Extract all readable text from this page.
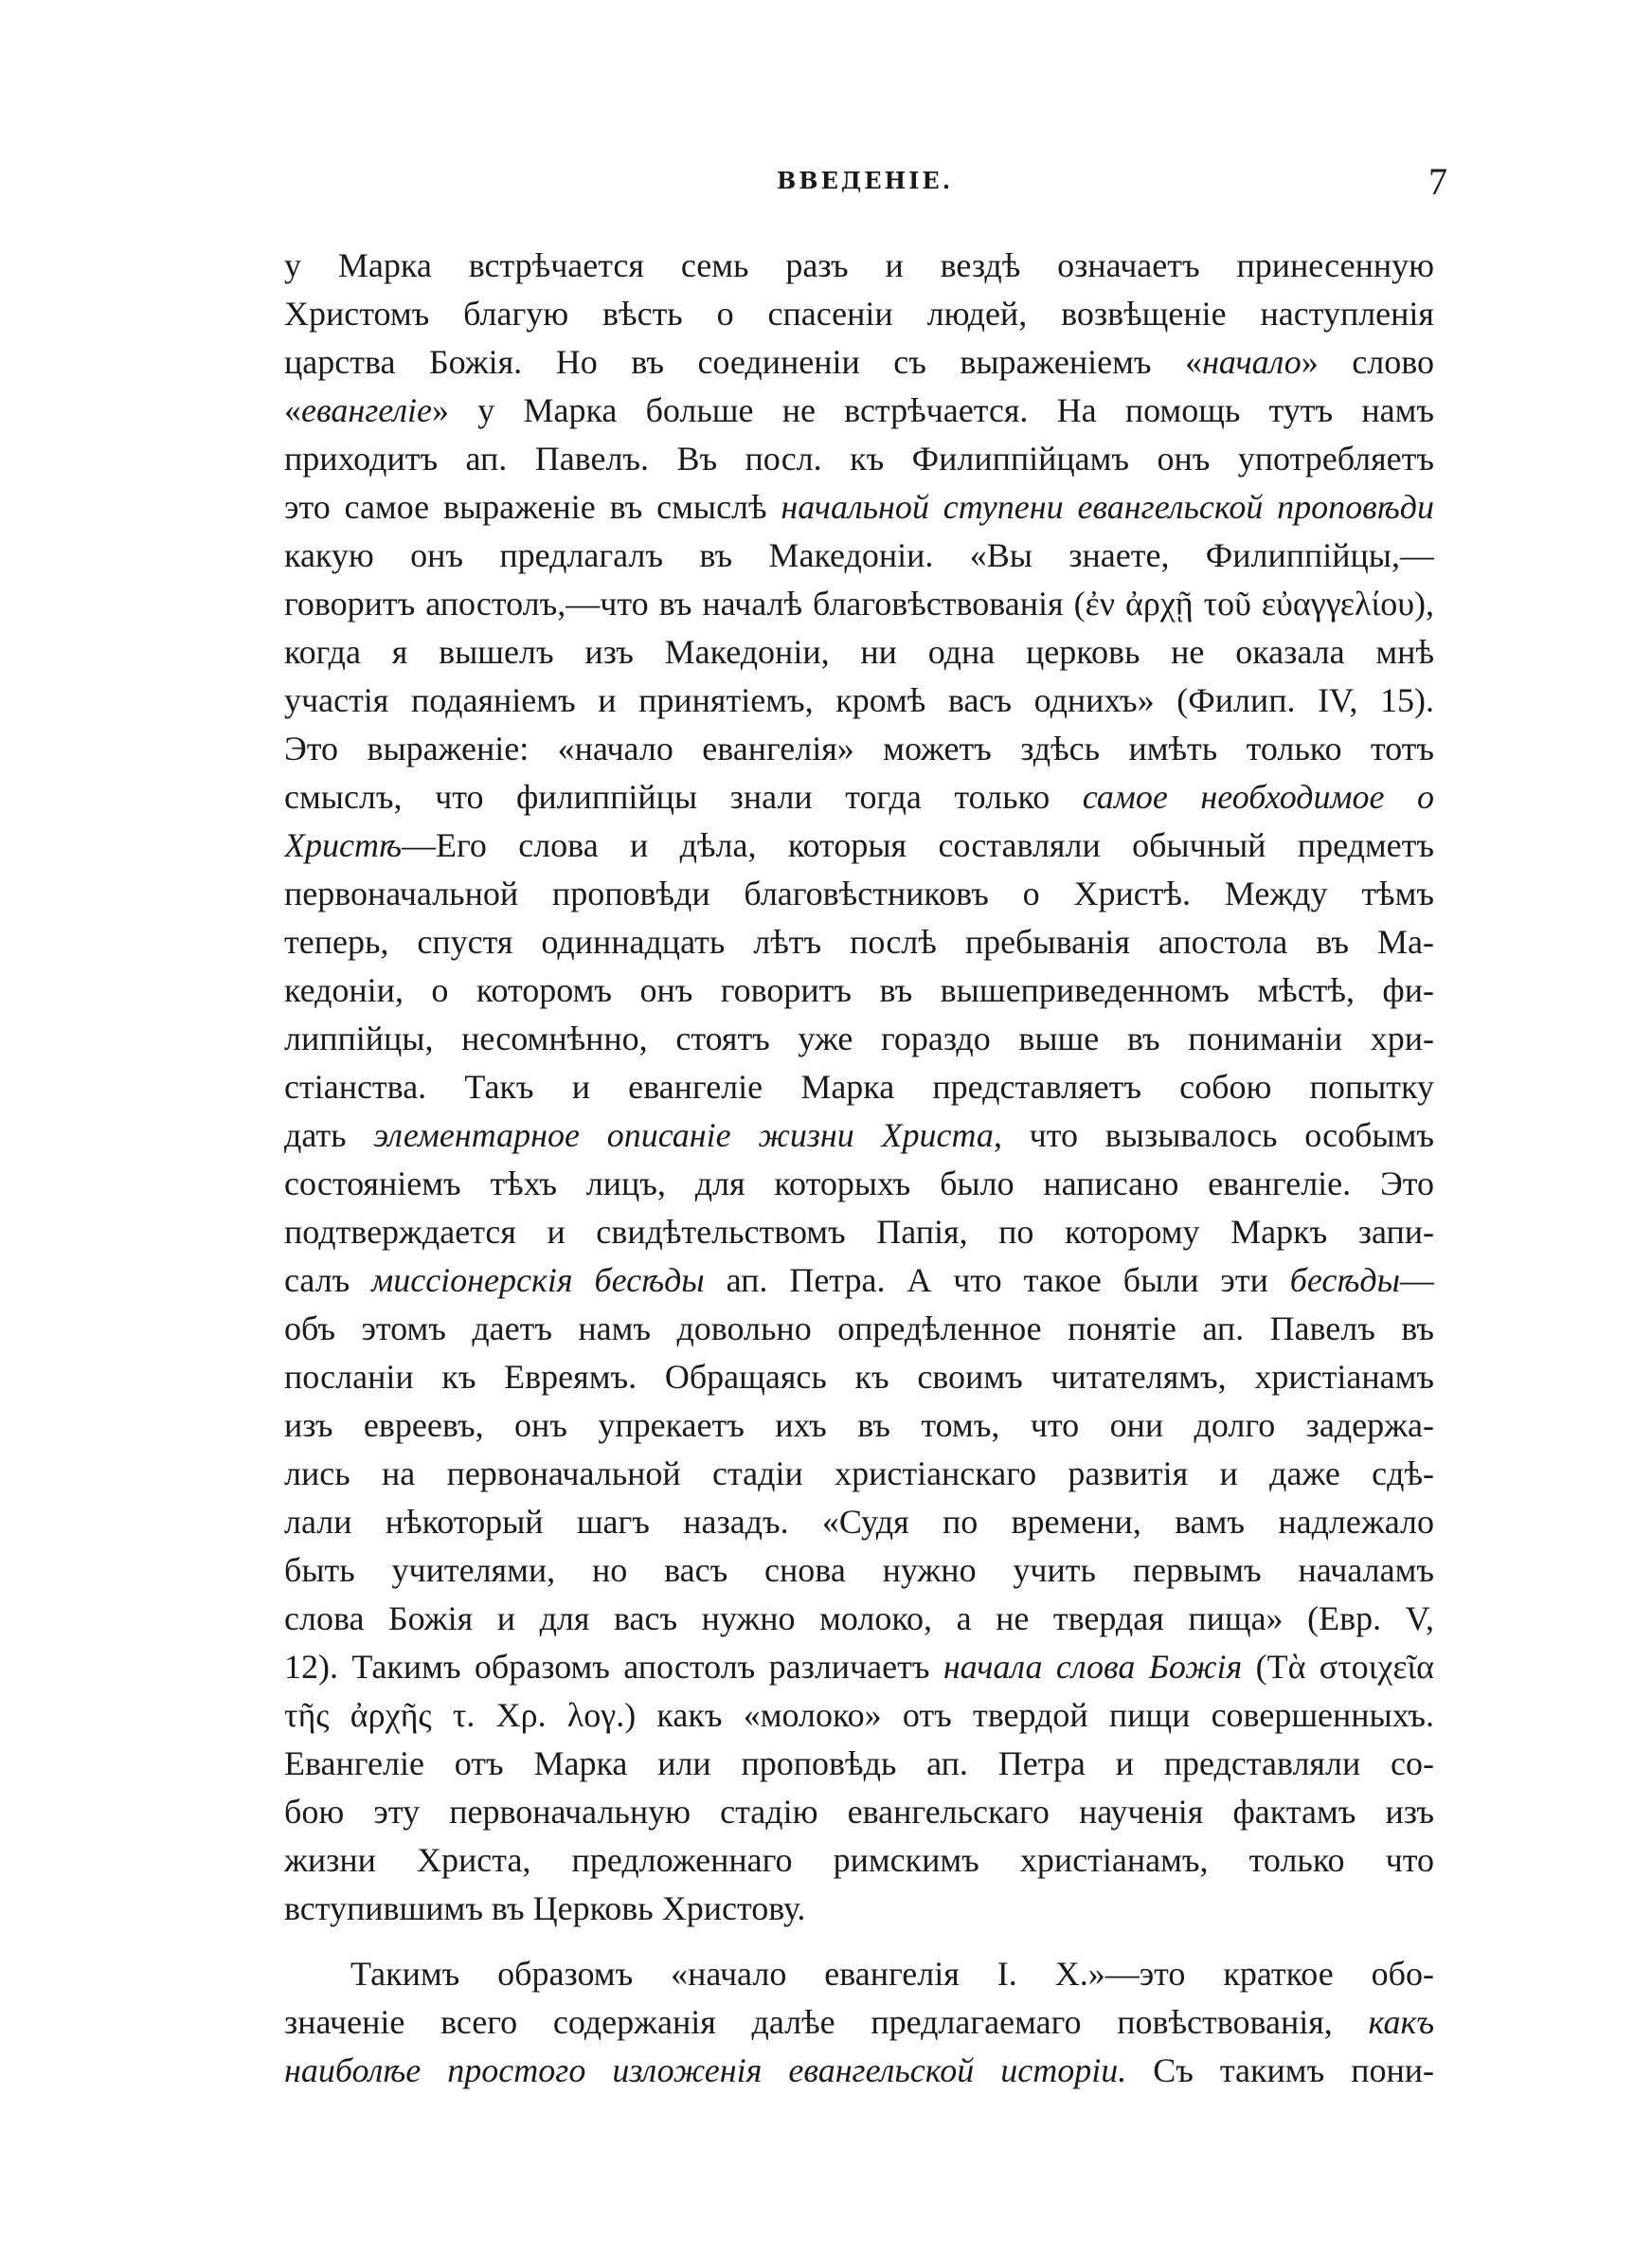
ВВЕДЕНІЕ.	7
у Марка встрѣчается семь разъ и вездѣ означаетъ принесенную
Христомъ благую вѣсть о спасеніи людей, возвѣщеніе наступленія
царства Божія. Но въ соединеніи съ выраженіемъ «начало» слово
«евангеліе» у Марка больше не встрѣчается. На помощь тутъ намъ
приходитъ ап. Павелъ. Въ посл. къ Филиппійцамъ онъ употребляетъ
это самое выраженіе въ смыслѣ начальной ступени евангельской проповѣди
какую онъ предлагалъ въ Македоніи. «Вы знаете, Филиппійцы,—
говоритъ апостолъ,—что въ началѣ благовѣствованія (ἐν ἀρχῇ τοῦ εὐαγγελίου),
когда я вышелъ изъ Македоніи, ни одна церковь не оказала мнѣ
участія подаяніемъ и принятіемъ, кромѣ васъ однихъ» (Филип. IV, 15).
Это выраженіе: «начало евангелія» можетъ здѣсь имѣть только тотъ
смыслъ, что филиппійцы знали тогда только самое необходимое о
Христѣ—Его слова и дѣла, которыя составляли обычный предметъ
первоначальной проповѣди благовѣстниковъ о Христѣ. Между тѣмъ
теперь, спустя одиннадцать лѣтъ послѣ пребыванія апостола въ Ма-
кедоніи, о которомъ онъ говоритъ въ вышеприведенномъ мѣстѣ, фи-
липпійцы, несомнѣнно, стоятъ уже гораздо выше въ пониманіи хри-
стіанства. Такъ и евангеліе Марка представляетъ собою попытку
дать элементарное описаніе жизни Христа, что вызывалось особымъ
состояніемъ тѣхъ лицъ, для которыхъ было написано евангеліе. Это
подтверждается и свидѣтельствомъ Папія, по которому Маркъ запи-
салъ миссіонерскія бесѣды ап. Петра. А что такое были эти бесѣды—
объ этомъ даетъ намъ довольно опредѣленное понятіе ап. Павелъ въ
посланіи къ Евреямъ. Обращаясь къ своимъ читателямъ, христіанамъ
изъ евреевъ, онъ упрекаетъ ихъ въ томъ, что они долго задержа-
лись на первоначальной стадіи христіанскаго развитія и даже сдѣ-
лали нѣкоторый шагъ назадъ. «Судя по времени, вамъ надлежало
быть учителями, но васъ снова нужно учить первымъ началамъ
слова Божія и для васъ нужно молоко, а не твердая пища» (Евр. V,
12). Такимъ образомъ апостолъ различаетъ начала слова Божія (Τὰ στοιχεῖα
τῆς ἀρχῆς τ. Χρ. λογ.) какъ «молоко» отъ твердой пищи совершенныхъ.
Евангеліе отъ Марка или проповѣдь ап. Петра и представляли со-
бою эту первоначальную стадію евангельскаго наученія фактамъ изъ
жизни Христа, предложеннаго римскимъ христіанамъ, только что
вступившимъ въ Церковь Христову.
Такимъ образомъ «начало евангелія І. Х.»—это краткое обо-
значеніе всего содержанія далѣе предлагаемаго повѣствованія, какъ
наиболѣе простого изложенія евангельской исторіи. Съ такимъ пони-
